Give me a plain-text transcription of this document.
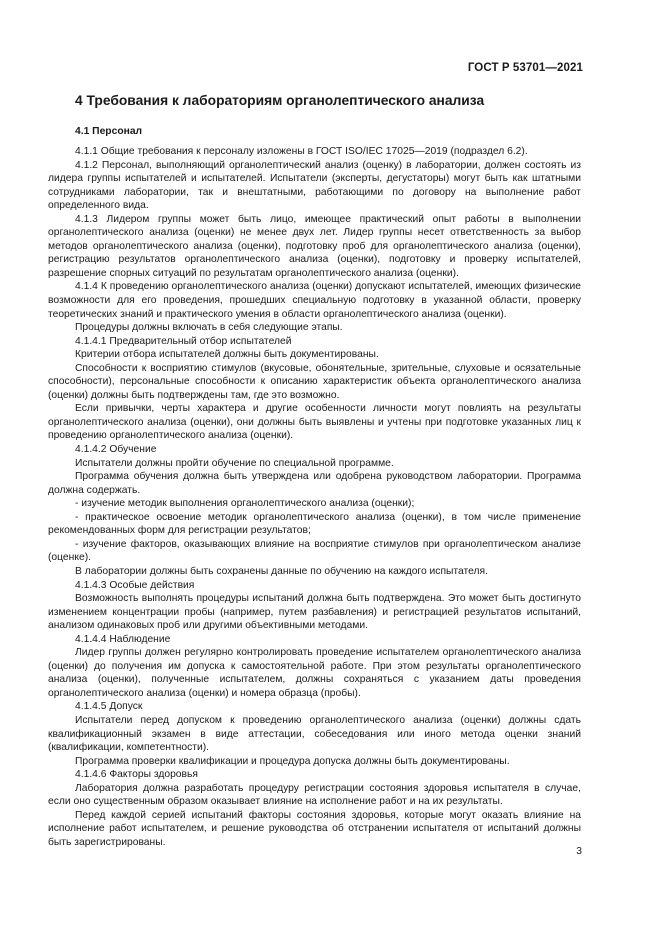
ГОСТ Р 53701—2021
4 Требования к лабораториям органолептического анализа
4.1 Персонал

4.1.1 Общие требования к персоналу изложены в ГОСТ ISO/IEC 17025—2019 (подраздел 6.2).

4.1.2 Персонал, выполняющий органолептический анализ (оценку) в лаборатории, должен состоять из лидера группы испытателей и испытателей. Испытатели (эксперты, дегустаторы) могут быть как штатными сотрудниками лаборатории, так и внештатными, работающими по договору на выполнение работ определенного вида.

4.1.3 Лидером группы может быть лицо, имеющее практический опыт работы в выполнении органолептического анализа (оценки) не менее двух лет. Лидер группы несет ответственность за выбор методов органолептического анализа (оценки), подготовку проб для органолептического анализа (оценки), регистрацию результатов органолептического анализа (оценки), подготовку и проверку испытателей, разрешение спорных ситуаций по результатам органолептического анализа (оценки).

4.1.4 К проведению органолептического анализа (оценки) допускают испытателей, имеющих физические возможности для его проведения, прошедших специальную подготовку в указанной области, проверку теоретических знаний и практического умения в области органолептического анализа (оценки).

Процедуры должны включать в себя следующие этапы.

4.1.4.1 Предварительный отбор испытателей

Критерии отбора испытателей должны быть документированы.

Способности к восприятию стимулов (вкусовые, обонятельные, зрительные, слуховые и осязательные способности), персональные способности к описанию характеристик объекта органолептического анализа (оценки) должны быть подтверждены там, где это возможно.

Если привычки, черты характера и другие особенности личности могут повлиять на результаты органолептического анализа (оценки), они должны быть выявлены и учтены при подготовке указанных лиц к проведению органолептического анализа (оценки).

4.1.4.2 Обучение

Испытатели должны пройти обучение по специальной программе.

Программа обучения должна быть утверждена или одобрена руководством лаборатории. Программа должна содержать.

- изучение методик выполнения органолептического анализа (оценки);

- практическое освоение методик органолептического анализа (оценки), в том числе применение рекомендованных форм для регистрации результатов;

- изучение факторов, оказывающих влияние на восприятие стимулов при органолептическом анализе (оценке).

В лаборатории должны быть сохранены данные по обучению на каждого испытателя.

4.1.4.3 Особые действия

Возможность выполнять процедуры испытаний должна быть подтверждена. Это может быть достигнуто изменением концентрации пробы (например, путем разбавления) и регистрацией результатов испытаний, анализом одинаковых проб или другими объективными методами.

4.1.4.4 Наблюдение

Лидер группы должен регулярно контролировать проведение испытателем органолептического анализа (оценки) до получения им допуска к самостоятельной работе. При этом результаты органолептического анализа (оценки), полученные испытателем, должны сохраняться с указанием даты проведения органолептического анализа (оценки) и номера образца (пробы).

4.1.4.5 Допуск

Испытатели перед допуском к проведению органолептического анализа (оценки) должны сдать квалификационный экзамен в виде аттестации, собеседования или иного метода оценки знаний (квалификации, компетентности).

Программа проверки квалификации и процедура допуска должны быть документированы.

4.1.4.6 Факторы здоровья

Лаборатория должна разработать процедуру регистрации состояния здоровья испытателя в случае, если оно существенным образом оказывает влияние на исполнение работ и на их результаты.

Перед каждой серией испытаний факторы состояния здоровья, которые могут оказать влияние на исполнение работ испытателем, и решение руководства об отстранении испытателя от испытаний должны быть зарегистрированы.

3
